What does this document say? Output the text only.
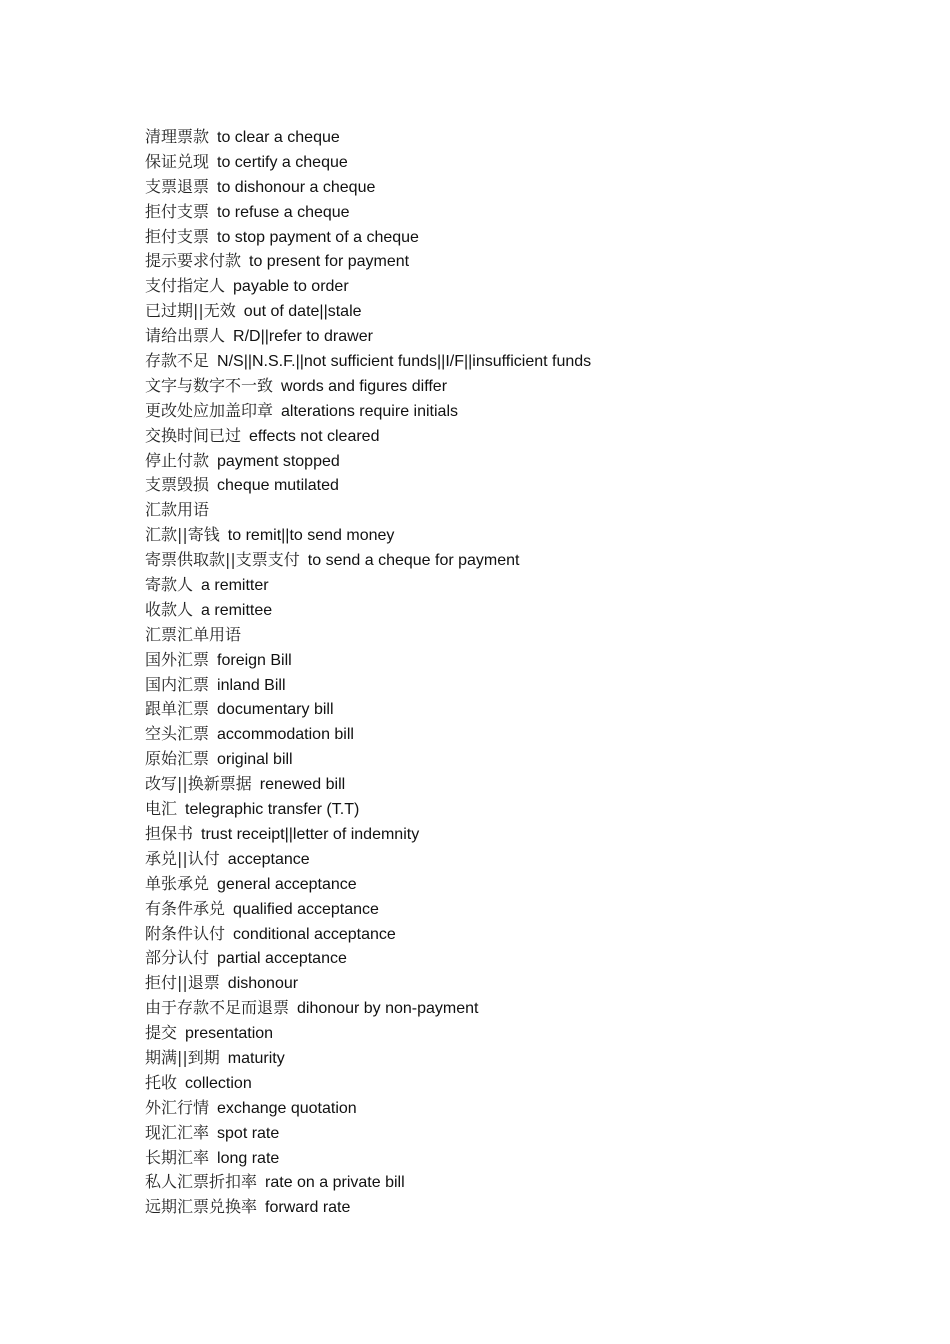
清理票款 to clear a cheque
保证兑现 to certify a cheque
支票退票 to dishonour a cheque
拒付支票 to refuse a cheque
拒付支票 to stop payment of a cheque
提示要求付款 to present for payment
支付指定人 payable to order
已过期||无效 out of date||stale
请给出票人 R/D||refer to drawer
存款不足 N/S||N.S.F.||not sufficient funds||I/F||insufficient funds
文字与数字不一致 words and figures differ
更改处应加盖印章 alterations require initials
交换时间已过 effects not cleared
停止付款 payment stopped
支票毁损 cheque mutilated
汇款用语
汇款||寄钱 to remit||to send money
寄票供取款||支票支付 to send a cheque for payment
寄款人 a remitter
收款人 a remittee
汇票汇单用语
国外汇票 foreign Bill
国内汇票 inland Bill
跟单汇票 documentary bill
空头汇票 accommodation bill
原始汇票 original bill
改写||换新票据 renewed bill
电汇 telegraphic transfer (T.T)
担保书 trust receipt||letter of indemnity
承兑||认付 acceptance
单张承兑 general acceptance
有条件承兑 qualified acceptance
附条件认付 conditional acceptance
部分认付 partial acceptance
拒付||退票 dishonour
由于存款不足而退票 dihonour by non-payment
提交 presentation
期满||到期 maturity
托收 collection
外汇行情 exchange quotation
现汇汇率 spot rate
长期汇率 long rate
私人汇票折扣率 rate on a private bill
远期汇票兑换率 forward rate
